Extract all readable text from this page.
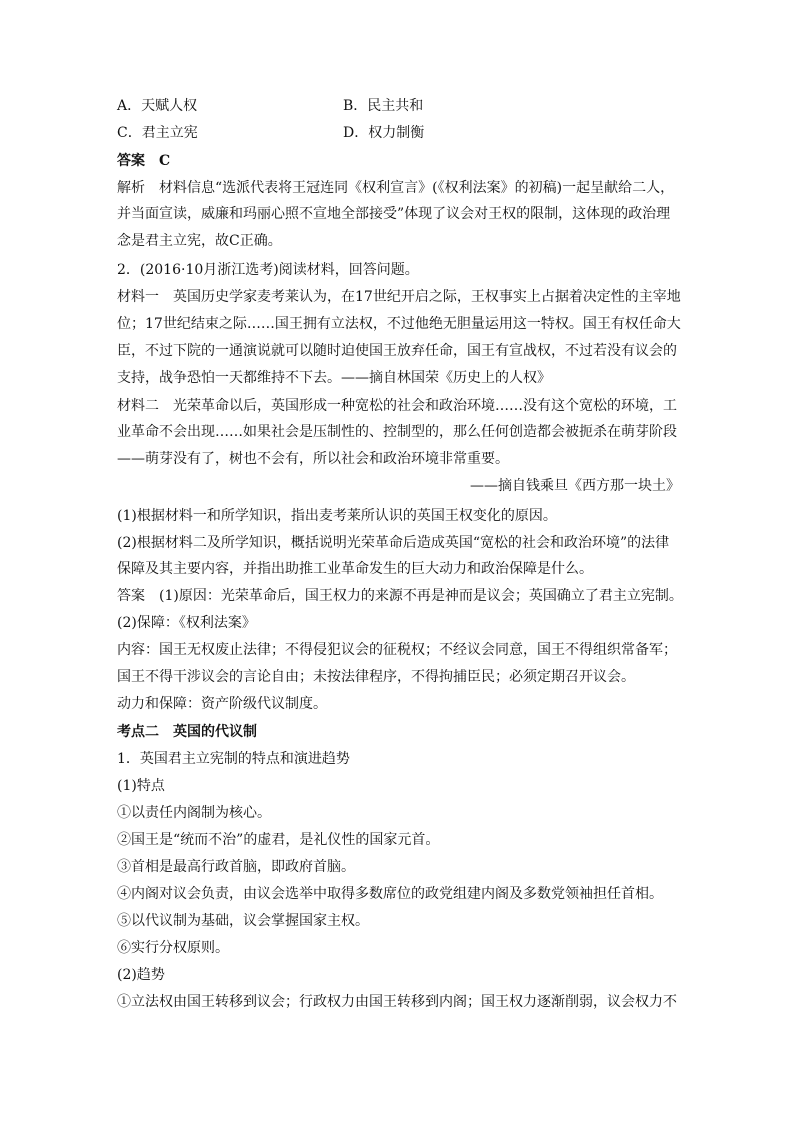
A．天赋人权	B．民主共和
C．君主立宪	D．权力制衡
答案　C
解析　材料信息“选派代表将王冠连同《权利宣言》(《权利法案》的初稿)一起呈献给二人，
并当面宣读，威廉和玛丽心照不宣地全部接受”体现了议会对王权的限制，这体现的政治理
念是君主立宪，故C正确。
2．(2016·10月浙江选考)阅读材料，回答问题。
材料一　英国历史学家麦考莱认为，在17世纪开启之际，王权事实上占据着决定性的主宰地
位；17世纪结束之际……国王拥有立法权，不过他绝无胆量运用这一特权。国王有权任命大
臣，不过下院的一通演说就可以随时迫使国王放弃任命，国王有宣战权，不过若没有议会的
支持，战争恐怕一天都维持不下去。——摘自林国荣《历史上的人权》
材料二　光荣革命以后，英国形成一种宽松的社会和政治环境……没有这个宽松的环境，工
业革命不会出现……如果社会是压制性的、控制型的，那么任何创造都会被扼杀在萌芽阶段
——萌芽没有了，树也不会有，所以社会和政治环境非常重要。
——摘自钱乘旦《西方那一块土》
(1)根据材料一和所学知识，指出麦考莱所认识的英国王权变化的原因。
(2)根据材料二及所学知识，概括说明光荣革命后造成英国“宽松的社会和政治环境”的法律
保障及其主要内容，并指出助推工业革命发生的巨大动力和政治保障是什么。
答案　(1)原因：光荣革命后，国王权力的来源不再是神而是议会；英国确立了君主立宪制。
(2)保障：《权利法案》
内容：国王无权废止法律；不得侵犯议会的征税权；不经议会同意，国王不得组织常备军；
国王不得干涉议会的言论自由；未按法律程序，不得拘捕臣民；必须定期召开议会。
动力和保障：资产阶级代议制度。
考点二　英国的代议制
1．英国君主立宪制的特点和演进趋势
(1)特点
①以责任内阁制为核心。
②国王是“统而不治”的虚君，是礼仪性的国家元首。
③首相是最高行政首脑，即政府首脑。
④内阁对议会负责，由议会选举中取得多数席位的政党组建内阁及多数党领袖担任首相。
⑤以代议制为基础，议会掌握国家主权。
⑥实行分权原则。
(2)趋势
①立法权由国王转移到议会；行政权力由国王转移到内阁；国王权力逐渐削弱，议会权力不
